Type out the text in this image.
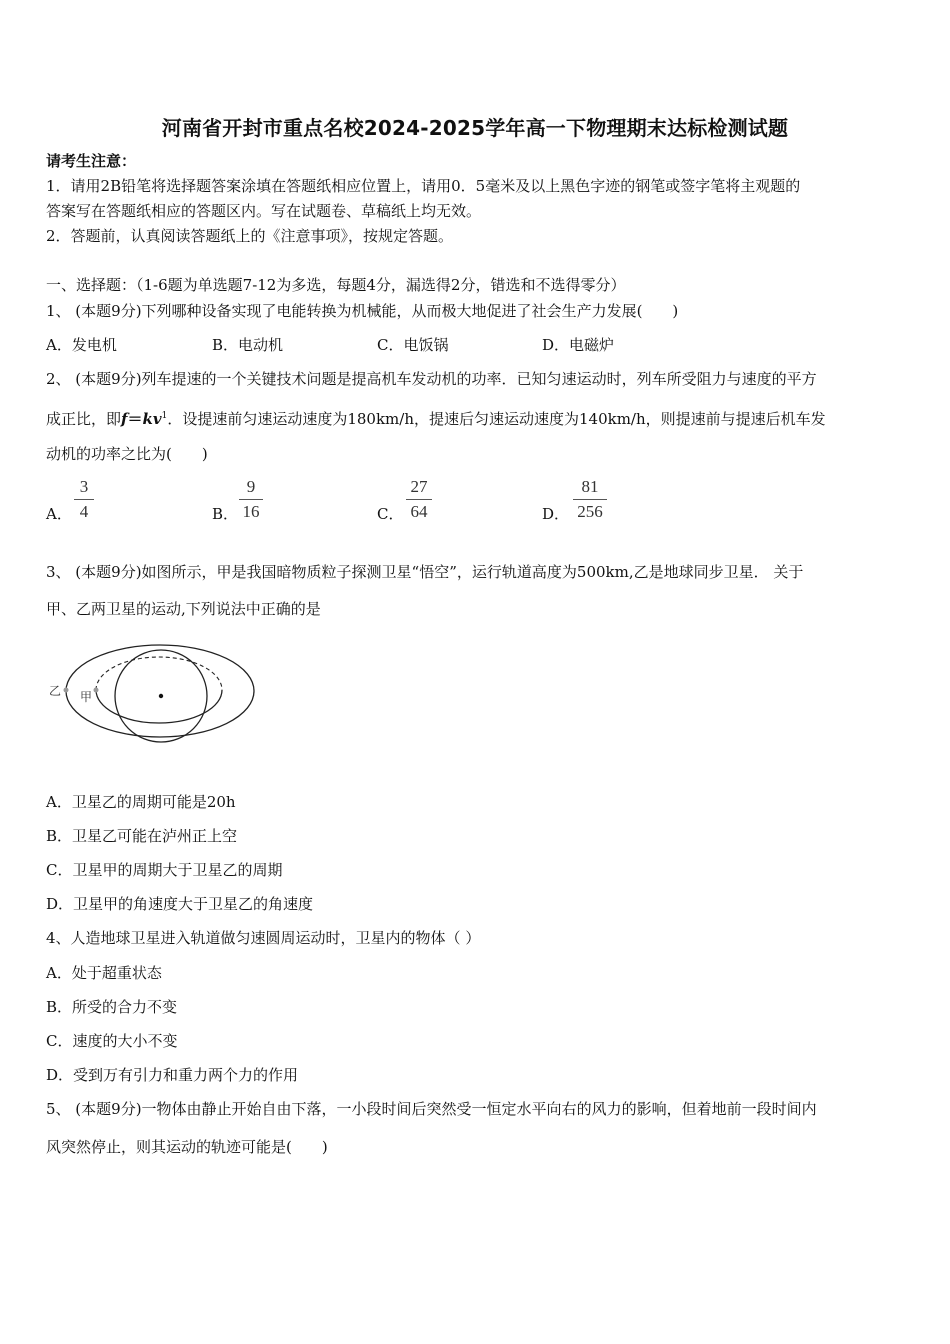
河南省开封市重点名校2024-2025学年高一下物理期末达标检测试题
请考生注意：
1．请用2B铅笔将选择题答案涂填在答题纸相应位置上，请用0．5毫米及以上黑色字迹的钢笔或签字笔将主观题的
答案写在答题纸相应的答题区内。写在试题卷、草稿纸上均无效。
2．答题前，认真阅读答题纸上的《注意事项》，按规定答题。
一、选择题：（1-6题为单选题7-12为多选，每题4分，漏选得2分，错选和不选得零分）
1、 (本题9分)下列哪种设备实现了电能转换为机械能，从而极大地促进了社会生产力发展(　　)
A．发电机	B．电动机	C．电饭锅	D．电磁炉
2、 (本题9分)列车提速的一个关键技术问题是提高机车发动机的功率．已知匀速运动时，列车所受阻力与速度的平方
成正比，即$f=kv^1$．设提速前匀速运动速度为180km/h，提速后匀速运动速度为140km/h，则提速前与提速后机车发
动机的功率之比为(　　)
A．
3
4	B．
9
16	C．
27
64	D．
81
256
3、 (本题9分)如图所示，甲是我国暗物质粒子探测卫星“悟空”，运行轨道高度为500km,乙是地球同步卫星． 关于
甲、乙两卫星的运动,下列说法中正确的是
乙 甲
A．卫星乙的周期可能是20h
B．卫星乙可能在泸州正上空
C．卫星甲的周期大于卫星乙的周期
D．卫星甲的角速度大于卫星乙的角速度
4、人造地球卫星进入轨道做匀速圆周运动时，卫星内的物体（ ）
A．处于超重状态
B．所受的合力不变
C．速度的大小不变
D．受到万有引力和重力两个力的作用
5、 (本题9分)一物体由静止开始自由下落，一小段时间后突然受一恒定水平向右的风力的影响，但着地前一段时间内
风突然停止，则其运动的轨迹可能是(　　)
